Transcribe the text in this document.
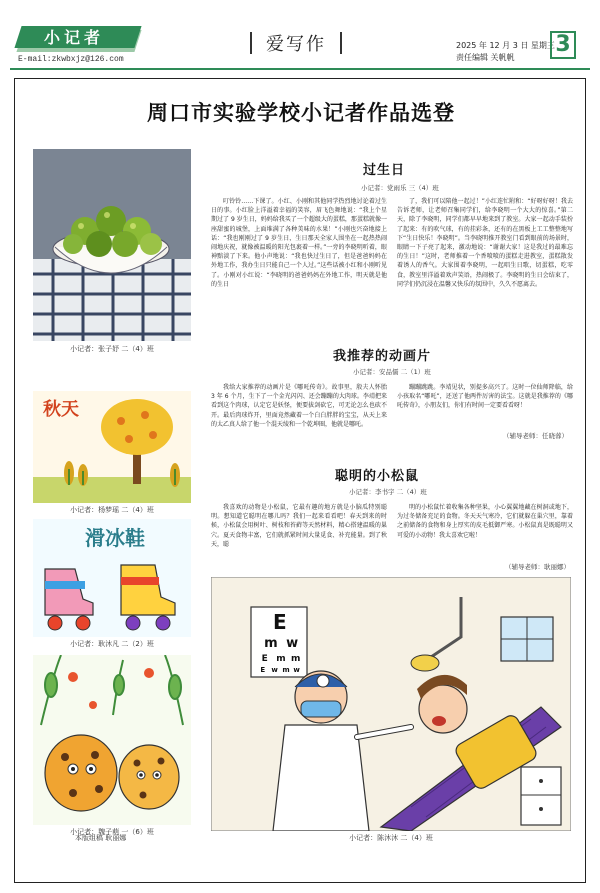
小记者
E-mail:zkwbxjz@126.com
爱写作	2025 年 12 月 3 日 星期三
责任编辑 关帆帆
3
周口市实验学校小记者作品选登
小记者：张子妤 二（4）班
秋天
小记者：杨梦瑶 二（4）班
滑冰鞋
小记者：耿沐凡 二（2）班
小记者：魏子萌 一（6）班
本版组稿 耿丽娜
过生日
小记者：党雨乐 三（4）班

叮铃铃……下课了。小红、小刚和其他同学热烈地讨论着过生日的事。小红脸上洋溢着幸福的笑容，眉飞色舞地说：“我上个星期过了 9 岁生日，妈妈给我买了一个超级大的蛋糕，那蛋糕就像一座甜蜜的城堡，上面堆满了各种美味的水果！”小刚也兴奋地接上话：“我也刚刚过了 9 岁生日，生日那天全家人围坐在一起热热闹闹地庆祝，就像被温暖的阳光包裹着一样。”一旁的李晓明听着，眼神黯淡了下来。他小声地说：“我也快过生日了，但是爸爸妈妈在外地工作，我办生日只能自己一个人过。”这些话被小红和小刚听见了。小刚对小红说：“李晓明的爸爸妈妈在外地工作，明天就是他的生日

了，我们可以陪他一起过！”小红连忙附和：“好呀好呀！我去告诉老师，让老师召集同学们，给李晓明一个大大的惊喜。”第二天，除了李晓明，同学们都早早地来到了教室。大家一起动手装扮了起来：有的吹气球，有的挂彩条，还有的在黑板上工工整整地写下“生日快乐！李晓明”。当李晓明推开教室门看到眼前的场景时，眼睛一下子亮了起来，激动地说：“谢谢大家！这是我过的最难忘的生日！”这时，老师推着一个香喷喷的蛋糕走进教室，蛋糕散发着诱人的香气。大家围着李晓明，一起唱生日歌，切蛋糕，吃零食，教室里洋溢着欢声笑语，热闹极了。李晓明的生日会结束了，同学们仍沉浸在温馨又快乐的氛围中，久久不愿离去。

我推荐的动画片
小记者：安品儒 二（1）班

我给大家推荐的动画片是《哪吒传奇》。故事里，殷夫人怀胎 3 年 6 个月，生下了一个金光闪闪、还会蹦蹦的大肉球。李靖把来看到这个肉球，认定它是妖怪，便要拔剑砍它，可无论怎么也砍不开。最后肉球炸开，里面竟然藏着一个白白胖胖的宝宝，从天上来的太乙真人给了他一个混天绫和一个乾坤圈，他就是哪吒。

蹦蹦跳跳。李靖见状，别提多高兴了。这时一位仙师降临，给小孩取名“哪吒”，还送了他两件厉害的法宝。这就是我推荐的《哪吒传奇》，小朋友们，你们有时间一定要看看呀！

（辅导老师：任晓蓉）
聪明的小松鼠
小记者：李书宇 二（4）班

我喜欢的动物是小松鼠，它最有趣的地方就是小脑瓜特别聪明。想知道它聪明在哪儿吗？我们一起来看看吧！春天到来的时候，小松鼠会用树叶、树枝和苔藓等天然材料，精心搭建温暖的巢穴。夏天食物丰富，它们就抓紧时间大量觅食、补充能量。到了秋天，聪

明的小松鼠忙着收集各种坚果，小心翼翼地藏在树洞或地下，为过冬储备充足的食物。冬天天气寒冷，它们就躲在巢穴里，靠着之前储备的食物和身上厚实的皮毛抵御严寒。小松鼠真是既聪明又可爱的小动物！我太喜欢它啦！

（辅导老师：耿丽娜）
E
m w
E m m
E w m w
小记者：陈沐沐 二（4）班
